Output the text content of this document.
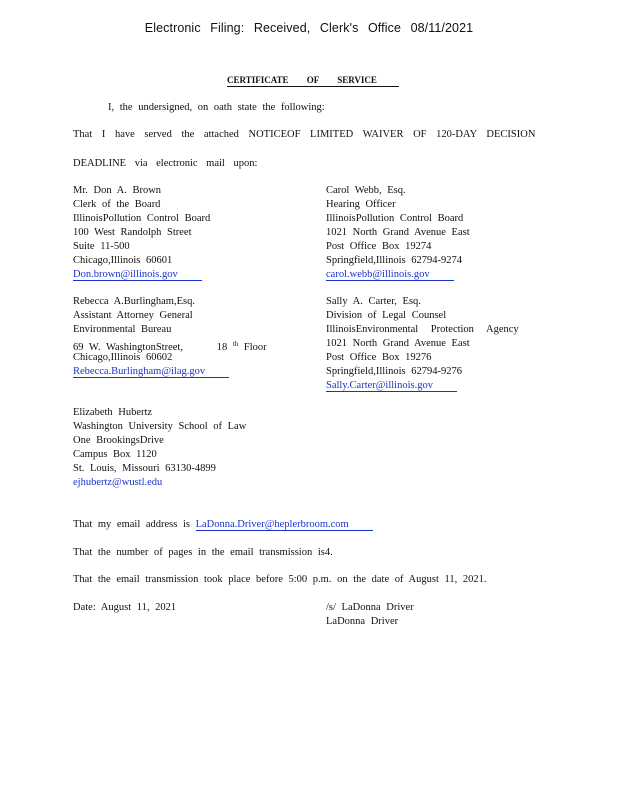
Electronic Filing: Received, Clerk's Office 08/11/2021
CERTIFICATE OF SERVICE
I, the undersigned, on oath state the following:
That I have served the attached NOTICEOF LIMITED WAIVER OF 120-DAY DECISION
DEADLINE via electronic mail upon:
Mr. Don A. Brown
Clerk of the Board
IllinoisPollution Control Board
100 West Randolph Street
Suite 11-500
Chicago,Illinois 60601
Don.brown@illinois.gov
Carol Webb, Esq.
Hearing Officer
IllinoisPollution Control Board
1021 North Grand Avenue East
Post Office Box 19274
Springfield,Illinois 62794-9274
carol.webb@illinois.gov
Rebecca A.Burlingham,Esq.
Assistant Attorney General
Environmental Bureau
69 W. WashingtonStreet,	18 $^{th}$ Floor
Chicago,Illinois 60602
Rebecca.Burlingham@ilag.gov
Sally A. Carter, Esq.
Division of Legal Counsel
IllinoisEnvironmental Protection Agency
1021 North Grand Avenue East
Post Office Box 19276
Springfield,Illinois 62794-9276
Sally.Carter@illinois.gov
Elizabeth Hubertz
Washington University School of Law
One BrookingsDrive
Campus Box 1120
St. Louis, Missouri 63130-4899
ejhubertz@wustl.edu
That my email address is LaDonna.Driver@heplerbroom.com
That the number of pages in the email transmission is4.
That the email transmission took place before 5:00 p.m. on the date of August 11, 2021.
Date: August 11, 2021	/s/ LaDonna Driver
LaDonna Driver
